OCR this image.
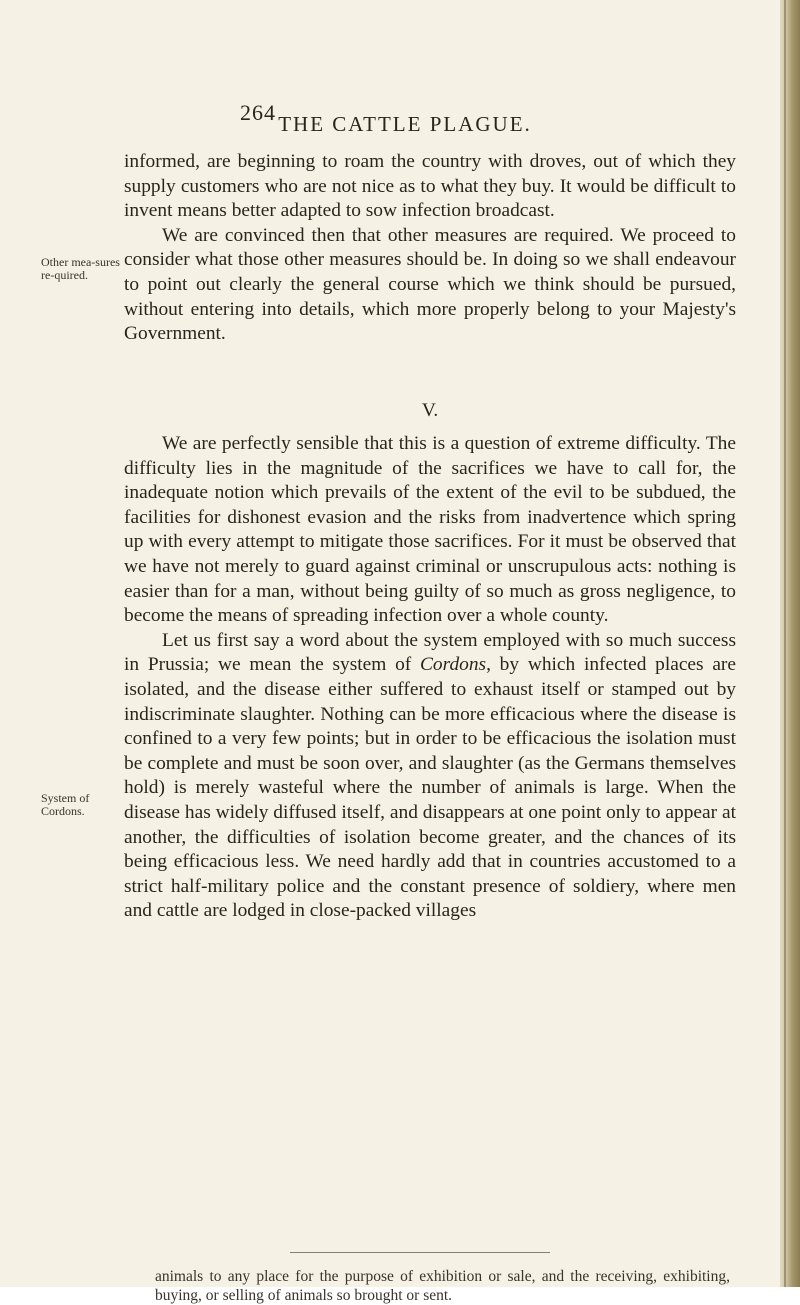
264 THE CATTLE PLAGUE.
Other mea-sures re-quired.
System of Cordons.

informed, are beginning to roam the country with droves, out of which they supply customers who are not nice as to what they buy. It would be difficult to invent means better adapted to sow infection broadcast.

We are convinced then that other measures are required. We proceed to consider what those other measures should be. In doing so we shall endeavour to point out clearly the general course which we think should be pursued, without entering into details, which more properly belong to your Majesty's Government.

V.

We are perfectly sensible that this is a question of extreme difficulty. The difficulty lies in the magnitude of the sacrifices we have to call for, the inadequate notion which prevails of the extent of the evil to be subdued, the facilities for dishonest evasion and the risks from inadvertence which spring up with every attempt to mitigate those sacrifices. For it must be observed that we have not merely to guard against criminal or unscrupulous acts: nothing is easier than for a man, without being guilty of so much as gross negligence, to become the means of spreading infection over a whole county.

Let us first say a word about the system employed with so much success in Prussia; we mean the system of Cordons, by which infected places are isolated, and the disease either suffered to exhaust itself or stamped out by indiscriminate slaughter. Nothing can be more efficacious where the disease is confined to a very few points; but in order to be efficacious the isolation must be complete and must be soon over, and slaughter (as the Germans themselves hold) is merely wasteful where the number of animals is large. When the disease has widely diffused itself, and disappears at one point only to appear at another, the difficulties of isolation become greater, and the chances of its being efficacious less. We need hardly add that in countries accustomed to a strict half-military police and the constant presence of soldiery, where men and cattle are lodged in close-packed villages

animals to any place for the purpose of exhibition or sale, and the receiving, exhibiting, buying, or selling of animals so brought or sent.
